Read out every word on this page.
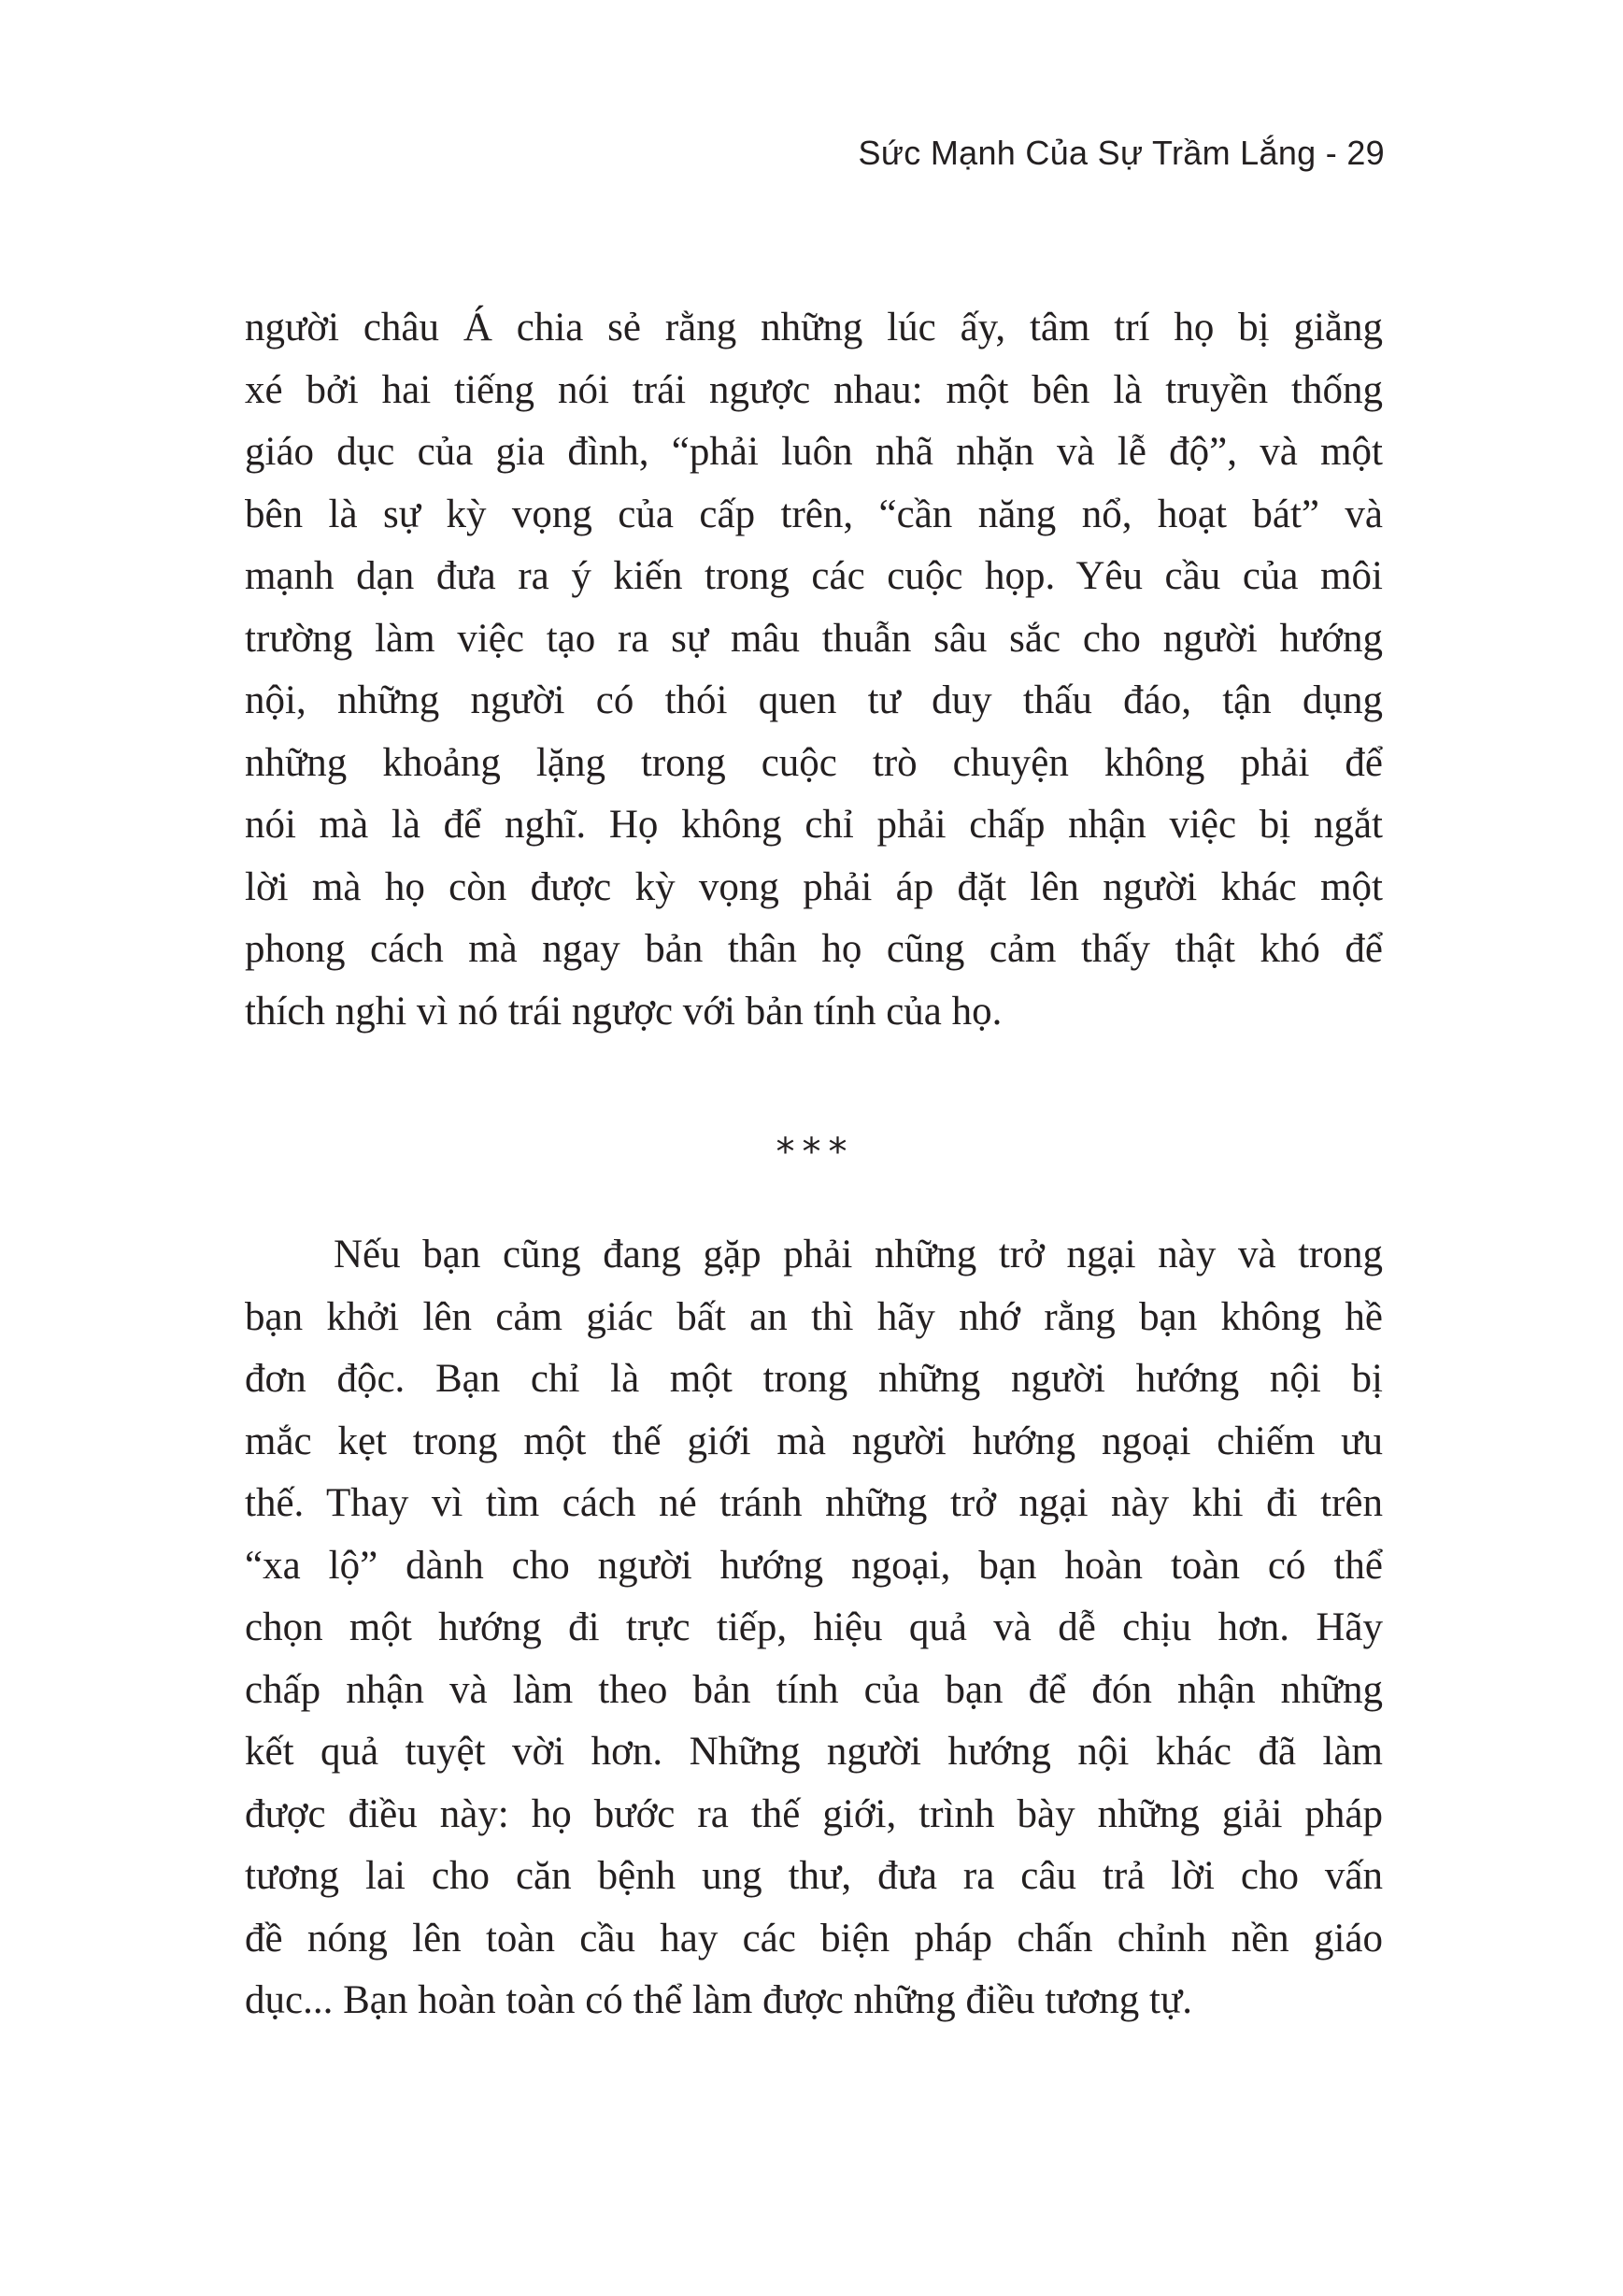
Sức Mạnh Của Sự Trầm Lắng - 29
người châu Á chia sẻ rằng những lúc ấy, tâm trí họ bị giằng
xé bởi hai tiếng nói trái ngược nhau: một bên là truyền thống
giáo dục của gia đình, “phải luôn nhã nhặn và lễ độ”, và một
bên là sự kỳ vọng của cấp trên, “cần năng nổ, hoạt bát” và
mạnh dạn đưa ra ý kiến trong các cuộc họp. Yêu cầu của môi
trường làm việc tạo ra sự mâu thuẫn sâu sắc cho người hướng
nội, những người có thói quen tư duy thấu đáo, tận dụng
những khoảng lặng trong cuộc trò chuyện không phải để
nói mà là để nghĩ. Họ không chỉ phải chấp nhận việc bị ngắt
lời mà họ còn được kỳ vọng phải áp đặt lên người khác một
phong cách mà ngay bản thân họ cũng cảm thấy thật khó để
thích nghi vì nó trái ngược với bản tính của họ.
***
Nếu bạn cũng đang gặp phải những trở ngại này và trong
bạn khởi lên cảm giác bất an thì hãy nhớ rằng bạn không hề
đơn độc. Bạn chỉ là một trong những người hướng nội bị
mắc kẹt trong một thế giới mà người hướng ngoại chiếm ưu
thế. Thay vì tìm cách né tránh những trở ngại này khi đi trên
“xa lộ” dành cho người hướng ngoại, bạn hoàn toàn có thể
chọn một hướng đi trực tiếp, hiệu quả và dễ chịu hơn. Hãy
chấp nhận và làm theo bản tính của bạn để đón nhận những
kết quả tuyệt vời hơn. Những người hướng nội khác đã làm
được điều này: họ bước ra thế giới, trình bày những giải pháp
tương lai cho căn bệnh ung thư, đưa ra câu trả lời cho vấn
đề nóng lên toàn cầu hay các biện pháp chấn chỉnh nền giáo
dục... Bạn hoàn toàn có thể làm được những điều tương tự.
